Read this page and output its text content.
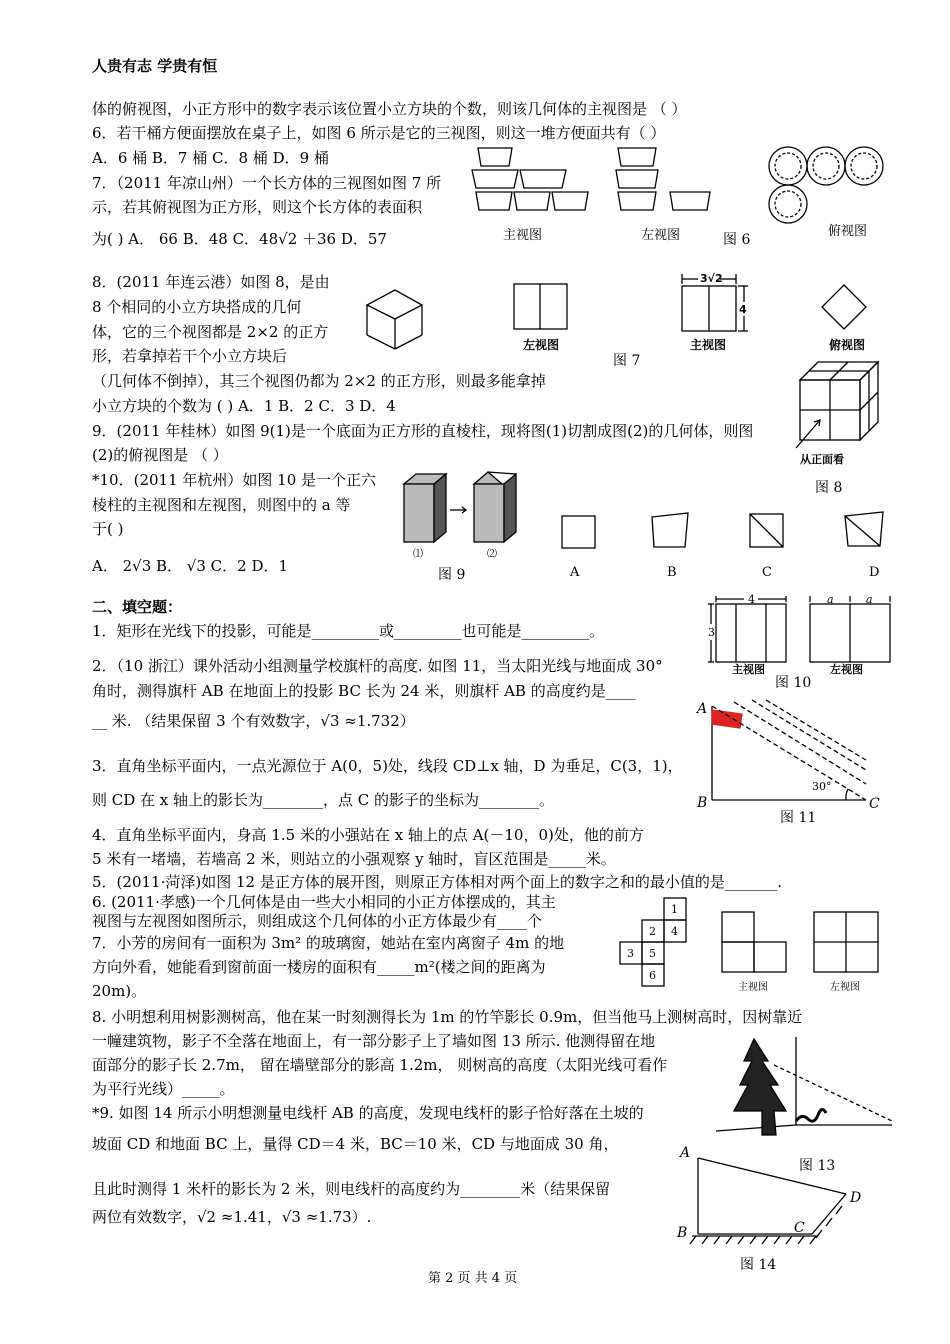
人贵有志 学贵有恒
体的俯视图，小正方形中的数字表示该位置小立方块的个数，则该几何体的主视图是 （ ）
6．若干桶方便面摆放在桌子上，如图 6 所示是它的三视图，则这一堆方便面共有（ ）
A．6 桶 B．7 桶 C．8 桶 D．9 桶
7．（2011 年凉山州）一个长方体的三视图如图 7 所
示，若其俯视图为正方形，则这个长方体的表面积
为( ) A． 66 B．48 C．48√2 ＋36 D．57
8．(2011 年连云港）如图 8，是由
8 个相同的小立方块搭成的几何
体，它的三个视图都是 2×2 的正方
形，若拿掉若干个小立方块后
（几何体不倒掉），其三个视图仍都为 2×2 的正方形，则最多能拿掉
小立方块的个数为 ( ) A．1 B．2 C．3 D．4
9．(2011 年桂林）如图 9(1)是一个底面为正方形的直棱柱，现将图(1)切割成图(2)的几何体，则图
(2)的俯视图是 （ ）
*10．(2011 年杭州）如图 10 是一个正六
棱柱的主视图和左视图，则图中的 a 等
于( )
A． 2√3 B． √3 C．2 D．1
二、填空题：
1．矩形在光线下的投影，可能是_________或_________也可能是_________。
2．（10 浙江）课外活动小组测量学校旗杆的高度. 如图 11，当太阳光线与地面成 30°
角时，测得旗杆 AB 在地面上的投影 BC 长为 24 米，则旗杆 AB 的高度约是____
__ 米. （结果保留 3 个有效数字，√3 ≈1.732）
3．直角坐标平面内，一点光源位于 A(0，5)处，线段 CD⊥x 轴，D 为垂足，C(3，1)，
则 CD 在 x 轴上的影长为________，点 C 的影子的坐标为________。
4．直角坐标平面内，身高 1.5 米的小强站在 x 轴上的点 A(－10，0)处，他的前方
5 米有一堵墙，若墙高 2 米，则站立的小强观察 y 轴时，盲区范围是_____米。
5．(2011·菏泽)如图 12 是正方体的展开图，则原正方体相对两个面上的数字之和的最小值的是_______.
6. (2011·孝感)一个几何体是由一些大小相同的小正方体摆成的，其主
视图与左视图如图所示，则组成这个几何体的小正方体最少有____个
7．小芳的房间有一面积为 3m² 的玻璃窗，她站在室内离窗子 4m 的地
方向外看，她能看到窗前面一楼房的面积有_____m²(楼之间的距离为
20m)。
8. 小明想利用树影测树高，他在某一时刻测得长为 1m 的竹竿影长 0.9m，但当他马上测树高时，因树靠近
一幢建筑物，影子不全落在地面上，有一部分影子上了墙如图 13 所示. 他测得留在地
面部分的影子长 2.7m， 留在墙壁部分的影高 1.2m， 则树高的高度（太阳光线可看作
为平行光线）_____。
*9. 如图 14 所示小明想测量电线杆 AB 的高度，发现电线杆的影子恰好落在土坡的
坡面 CD 和地面 BC 上，量得 CD＝4 米，BC＝10 米，CD 与地面成 30 角，
且此时测得 1 米杆的影长为 2 米，则电线杆的高度约为________米（结果保留
两位有效数字，√2 ≈1.41，√3 ≈1.73）.
主视图	左视图	图 6
俯视图
左视图
3√2
4
主视图	俯视图
图 7
从正面看
图 8
⑴	⑵
图 9	A	B	C	D
4
3
a	a
主视图	左视图
图 10
A
B	C
30°
图 11
1
2 4
3 5
6
主视图	左视图
图 13
A
B	C
D
图 14
第 2 页 共 4 页
